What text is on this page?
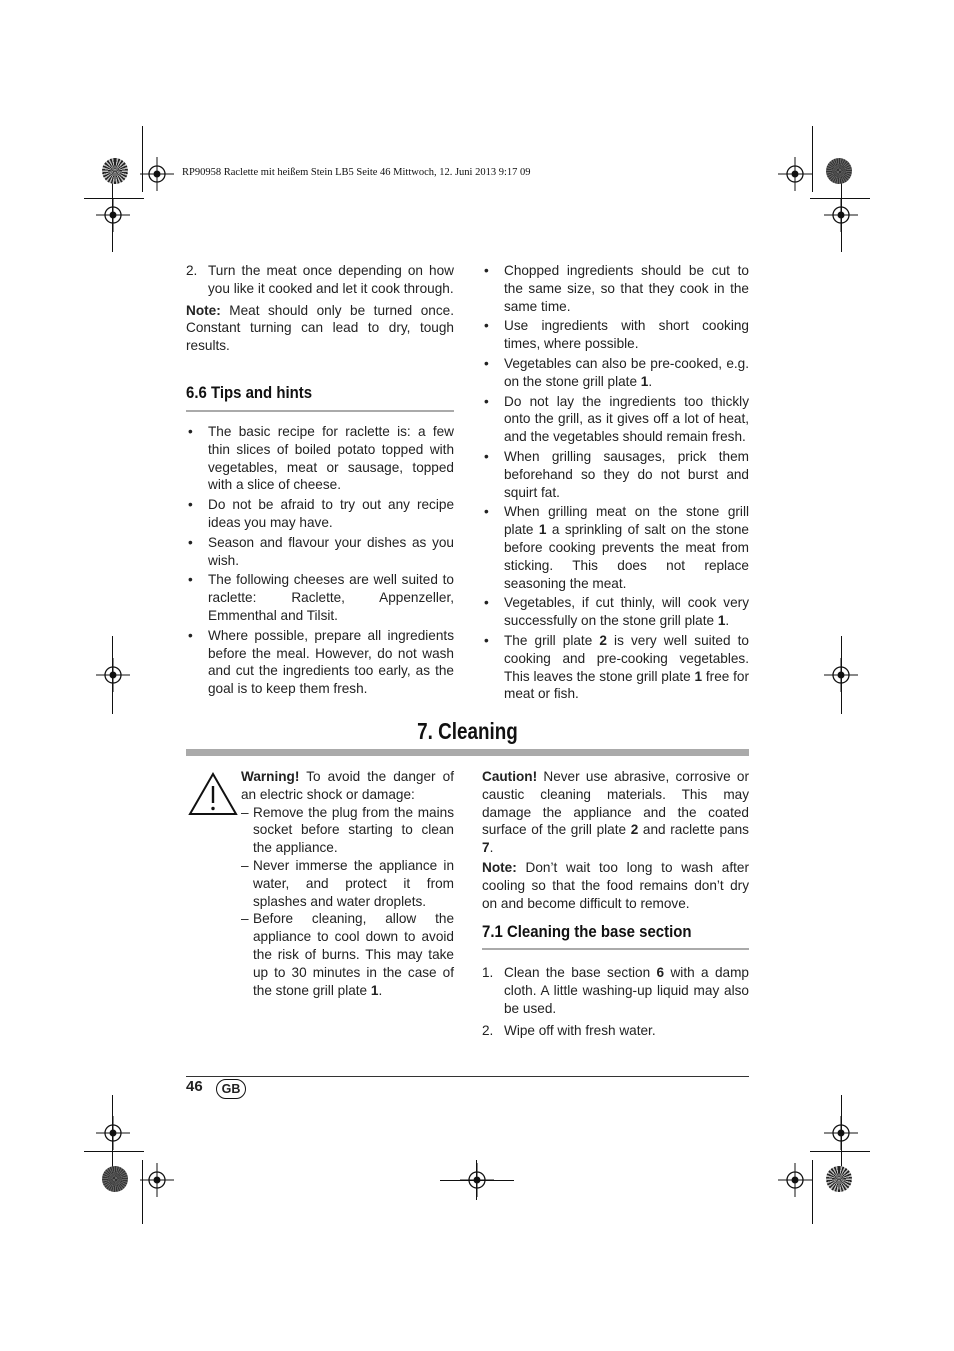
RP90958 Raclette mit heißem Stein LB5 Seite 46 Mittwoch, 12. Juni 2013 9:17 09
2. Turn the meat once depending on how you like it cooked and let it cook through.

Note: Meat should only be turned once. Constant turning can lead to dry, tough results.

6.6 Tips and hints
• The basic recipe for raclette is: a few thin slices of boiled potato topped with vegetables, meat or sausage, topped with a slice of cheese.
• Do not be afraid to try out any recipe ideas you may have.
• Season and flavour your dishes as you wish.
• The following cheeses are well suited to raclette: Raclette, Appenzeller, Emmenthal and Tilsit.
• Where possible, prepare all ingredients before the meal. However, do not wash and cut the ingredients too early, as the goal is to keep them fresh.
• Chopped ingredients should be cut to the same size, so that they cook in the same time.
• Use ingredients with short cooking times, where possible.
• Vegetables can also be pre-cooked, e.g. on the stone grill plate 1.
• Do not lay the ingredients too thickly onto the grill, as it gives off a lot of heat, and the vegetables should remain fresh.
• When grilling sausages, prick them beforehand so they do not burst and squirt fat.
• When grilling meat on the stone grill plate 1 a sprinkling of salt on the stone before cooking prevents the meat from sticking. This does not replace seasoning the meat.
• Vegetables, if cut thinly, will cook very successfully on the stone grill plate 1.
• The grill plate 2 is very well suited to cooking and pre-cooking vegetables. This leaves the stone grill plate 1 free for meat or fish.
7. Cleaning

Warning! To avoid the danger of an electric shock or damage:

– Remove the plug from the mains socket before starting to clean the appliance.
– Never immerse the appliance in water, and protect it from splashes and water droplets.
– Before cleaning, allow the appliance to cool down to avoid the risk of burns. This may take up to 30 minutes in the case of the stone grill plate 1.

Caution! Never use abrasive, corrosive or caustic cleaning materials. This may damage the appliance and the coated surface of the grill plate 2 and raclette pans 7.

Note: Don’t wait too long to wash after cooling so that the food remains don’t dry on and become difficult to remove.

7.1 Cleaning the base section
1. Clean the base section 6 with a damp cloth. A little washing-up liquid may also be used.
2. Wipe off with fresh water.
46	GB
